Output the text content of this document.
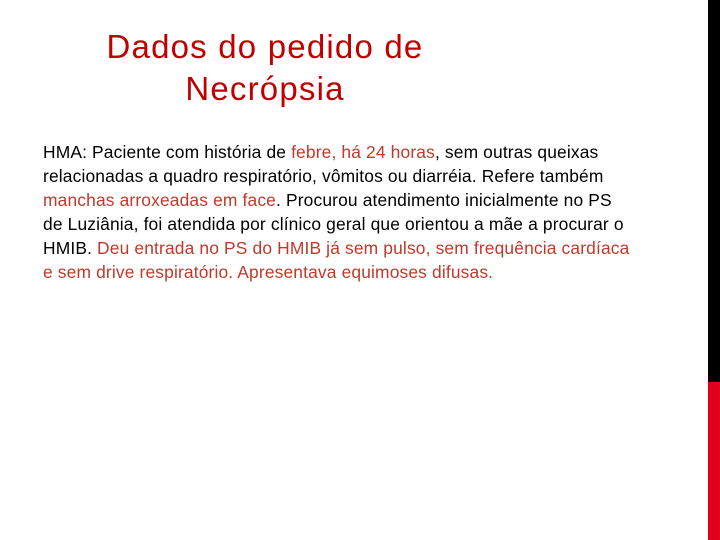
Dados do pedido de
Necrópsia

HMA: Paciente com história de febre, há 24 horas, sem outras queixas relacionadas a quadro respiratório, vômitos ou diarréia. Refere também manchas arroxeadas em face. Procurou atendimento inicialmente no PS de Luziânia, foi atendida por clínico geral que orientou a mãe a procurar o HMIB. Deu entrada no PS do HMIB já sem pulso, sem frequência cardíaca e sem drive respiratório. Apresentava equimoses difusas.
